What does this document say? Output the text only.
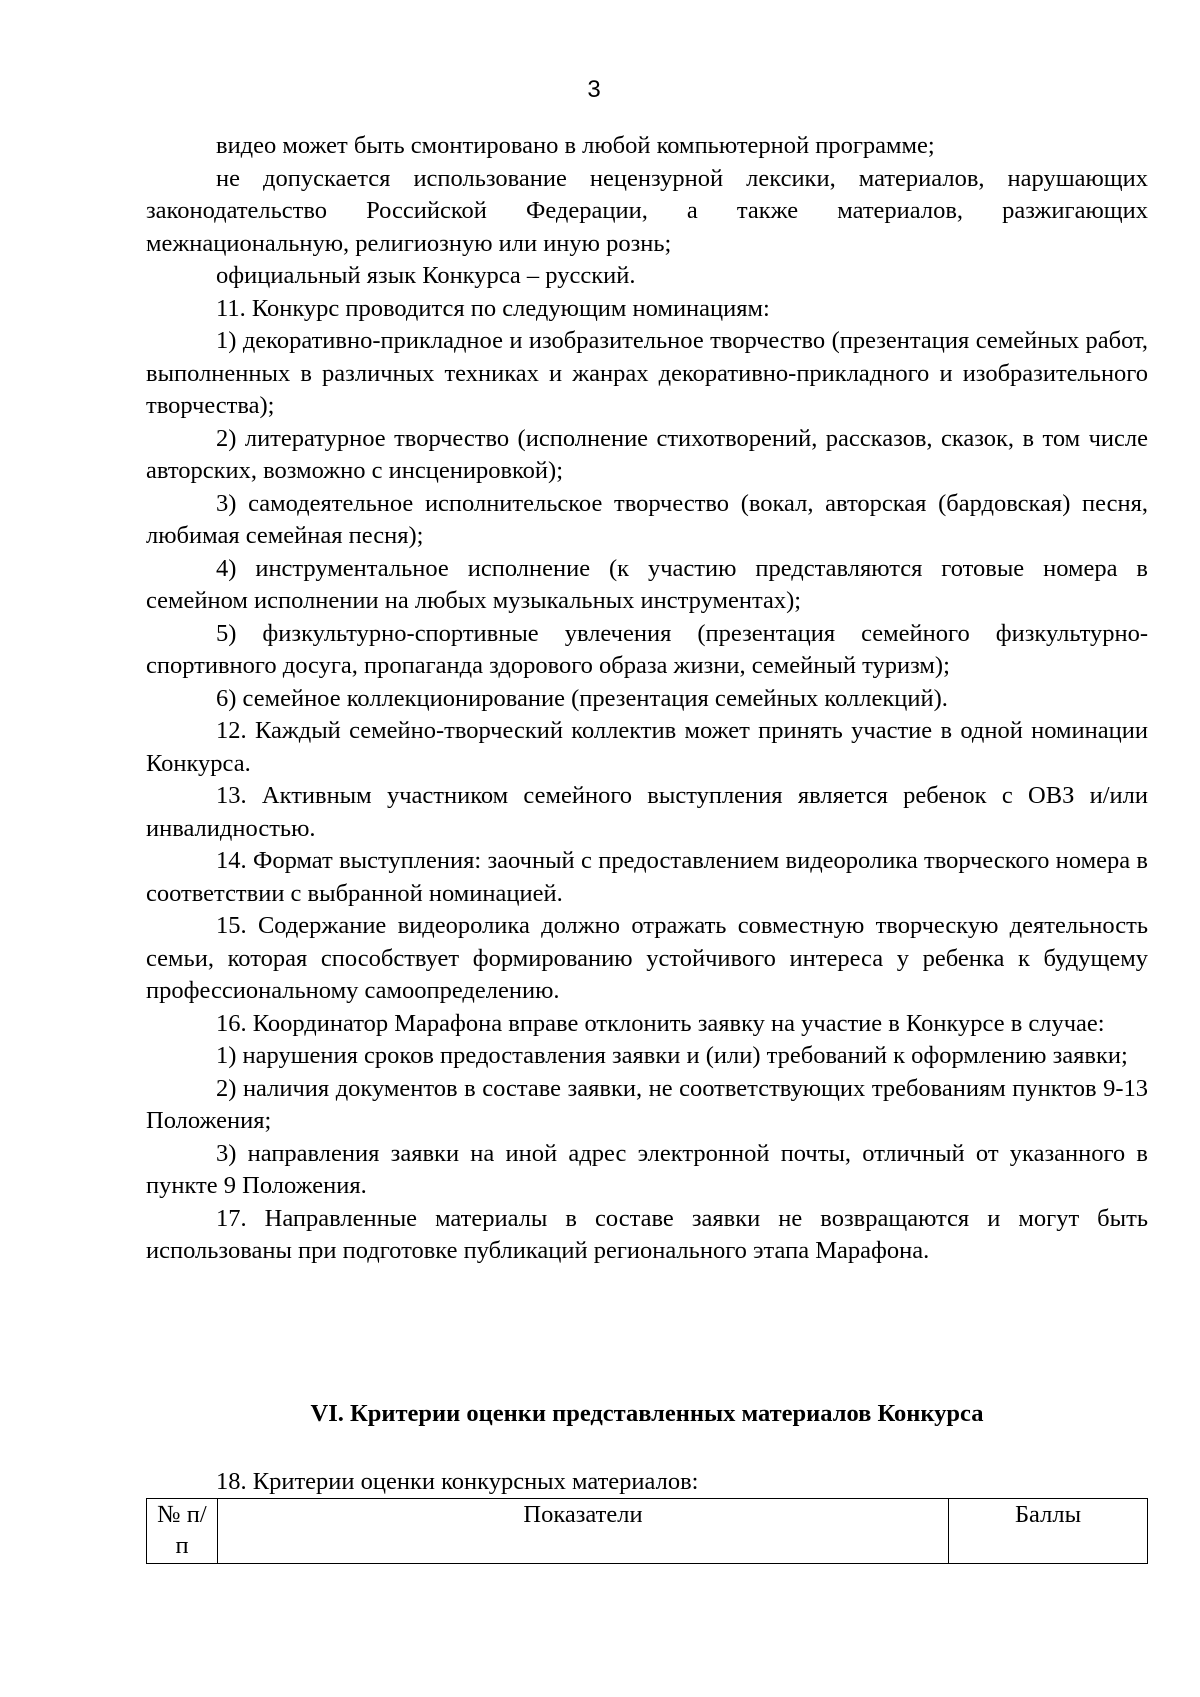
3

видео может быть смонтировано в любой компьютерной программе;

не допускается использование нецензурной лексики, материалов, нарушающих законодательство Российской Федерации, а также материалов, разжигающих межнациональную, религиозную или иную рознь;

официальный язык Конкурса – русский.

11. Конкурс проводится по следующим номинациям:

1) декоративно-прикладное и изобразительное творчество (презентация семейных работ, выполненных в различных техниках и жанрах декоративно-прикладного и изобразительного творчества);

2) литературное творчество (исполнение стихотворений, рассказов, сказок, в том числе авторских, возможно с инсценировкой);

3) самодеятельное исполнительское творчество (вокал, авторская (бардовская) песня, любимая семейная песня);

4) инструментальное исполнение (к участию представляются готовые номера в семейном исполнении на любых музыкальных инструментах);

5) физкультурно-спортивные увлечения (презентация семейного физкультурно-спортивного досуга, пропаганда здорового образа жизни, семейный туризм);

6) семейное коллекционирование (презентация семейных коллекций).

12. Каждый семейно-творческий коллектив может принять участие в одной номинации Конкурса.

13. Активным участником семейного выступления является ребенок с ОВЗ и/или инвалидностью.

14. Формат выступления: заочный с предоставлением видеоролика творческого номера в соответствии с выбранной номинацией.

15. Содержание видеоролика должно отражать совместную творческую деятельность семьи, которая способствует формированию устойчивого интереса у ребенка к будущему профессиональному самоопределению.

16. Координатор Марафона вправе отклонить заявку на участие в Конкурсе в случае:

1) нарушения сроков предоставления заявки и (или) требований к оформлению заявки;

2) наличия документов в составе заявки, не соответствующих требованиям пунктов 9-13 Положения;

3) направления заявки на иной адрес электронной почты, отличный от указанного в пункте 9 Положения.

17. Направленные материалы в составе заявки не возвращаются и могут быть использованы при подготовке публикаций регионального этапа Марафона.

VI. Критерии оценки представленных материалов Конкурса

18. Критерии оценки конкурсных материалов:

№ п/п	Показатели	Баллы
